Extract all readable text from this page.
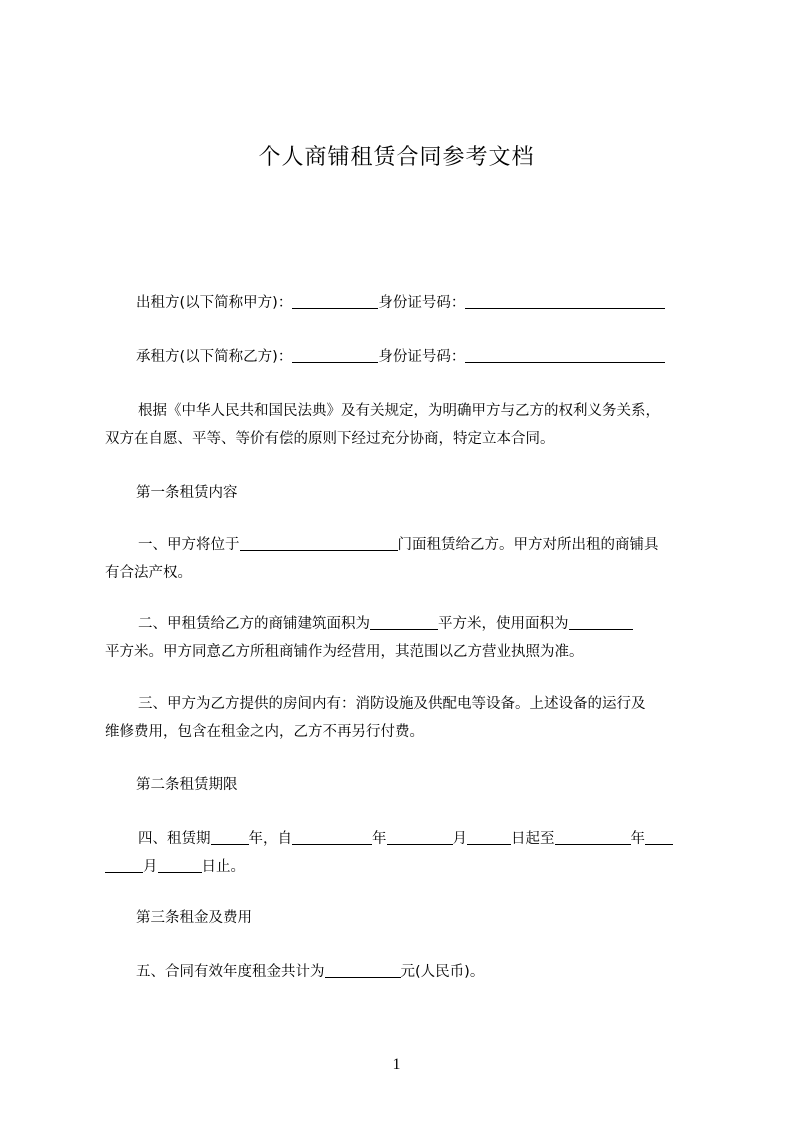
个人商铺租赁合同参考文档
出租方(以下简称甲方)：	身份证号码：
承租方(以下简称乙方)：	身份证号码：
根据《中华人民共和国民法典》及有关规定，为明确甲方与乙方的权利义务关系，
双方在自愿、平等、等价有偿的原则下经过充分协商，特定立本合同。
第一条租赁内容
一、甲方将位于	门面租赁给乙方。甲方对所出租的商铺具
有合法产权。
二、甲租赁给乙方的商铺建筑面积为	平方米，使用面积为
平方米。甲方同意乙方所租商铺作为经营用，其范围以乙方营业执照为准。
三、甲方为乙方提供的房间内有：消防设施及供配电等设备。上述设备的运行及
维修费用，包含在租金之内，乙方不再另行付费。
第二条租赁期限
四、租赁期	年，自	年	月	日起至	年
月	日止。
第三条租金及费用
五、合同有效年度租金共计为	元(人民币)。
1
